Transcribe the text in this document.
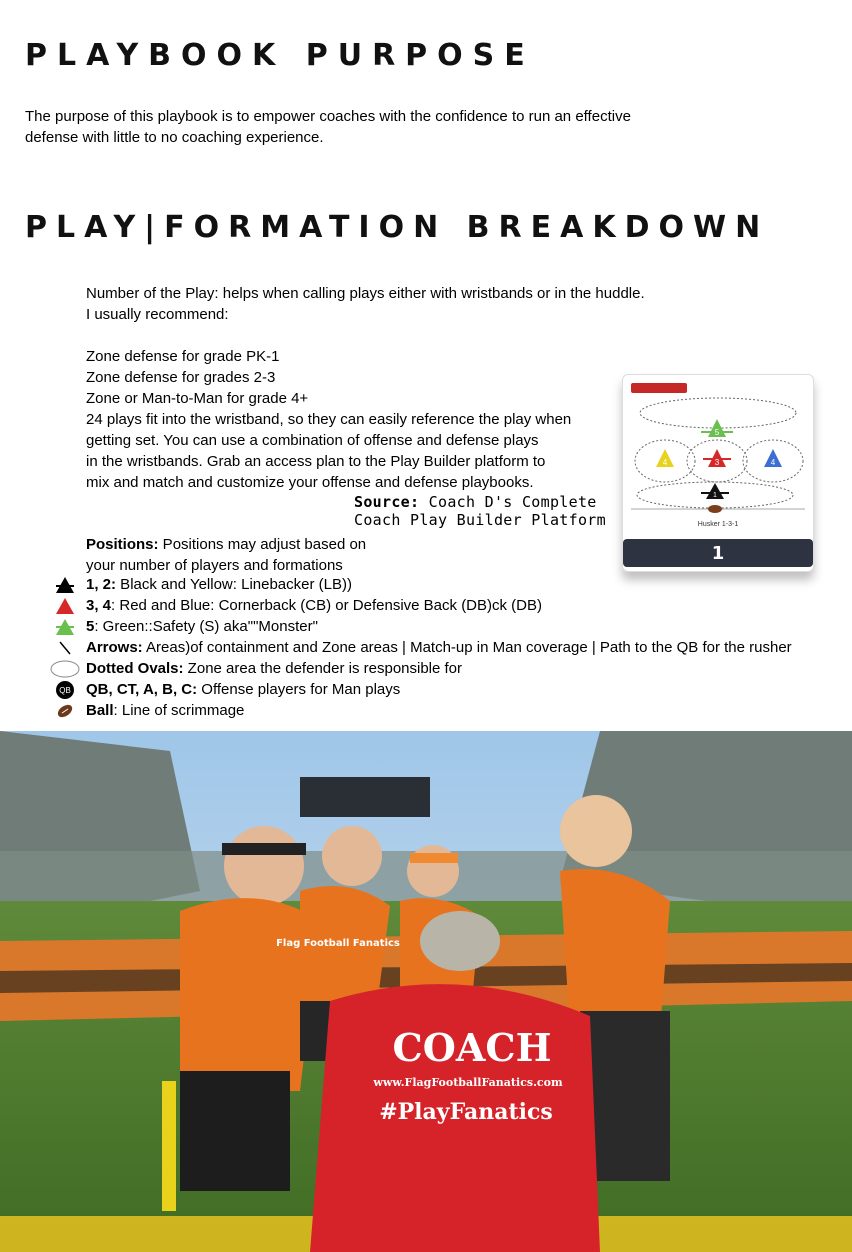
PLAYBOOK PURPOSE

The purpose of this playbook is to empower coaches with the confidence to run an effective defense with little to no coaching experience.

PLAY|FORMATION BREAKDOWN
Number of the Play: helps when calling plays either with wristbands or in the huddle.
I usually recommend:
Zone defense for grade PK-1
Zone defense for grades 2-3
Zone or Man-to-Man for grade 4+
24 plays fit into the wristband, so they can easily reference the play when
getting set. You can use a combination of offense and defense plays
in the wristbands. Grab an access plan to the Play Builder platform to
mix and match and customize your offense and defense playbooks.
Source: Coach D's Complete
Coach Play Builder Platform
5
4	3	4
1
Husker 1-3-1
1
Positions: Positions may adjust based on
your number of players and formations
1, 2: Black and Yellow: Linebacker (LB))
3, 4: Red and Blue: Cornerback (CB) or Defensive Back (DB)ck (DB)
5: Green::Safety (S) aka""Monster"
Arrows: Areas)of containment and Zone areas | Match-up in Man coverage | Path to the QB for the rusher
Dotted Ovals: Zone area the defender is responsible for
QB QB, CT, A, B, C: Offense players for Man plays
Ball: Line of scrimmage
COACH
www.FlagFootballFanatics.com
#PlayFanatics
Flag Football Fanatics
